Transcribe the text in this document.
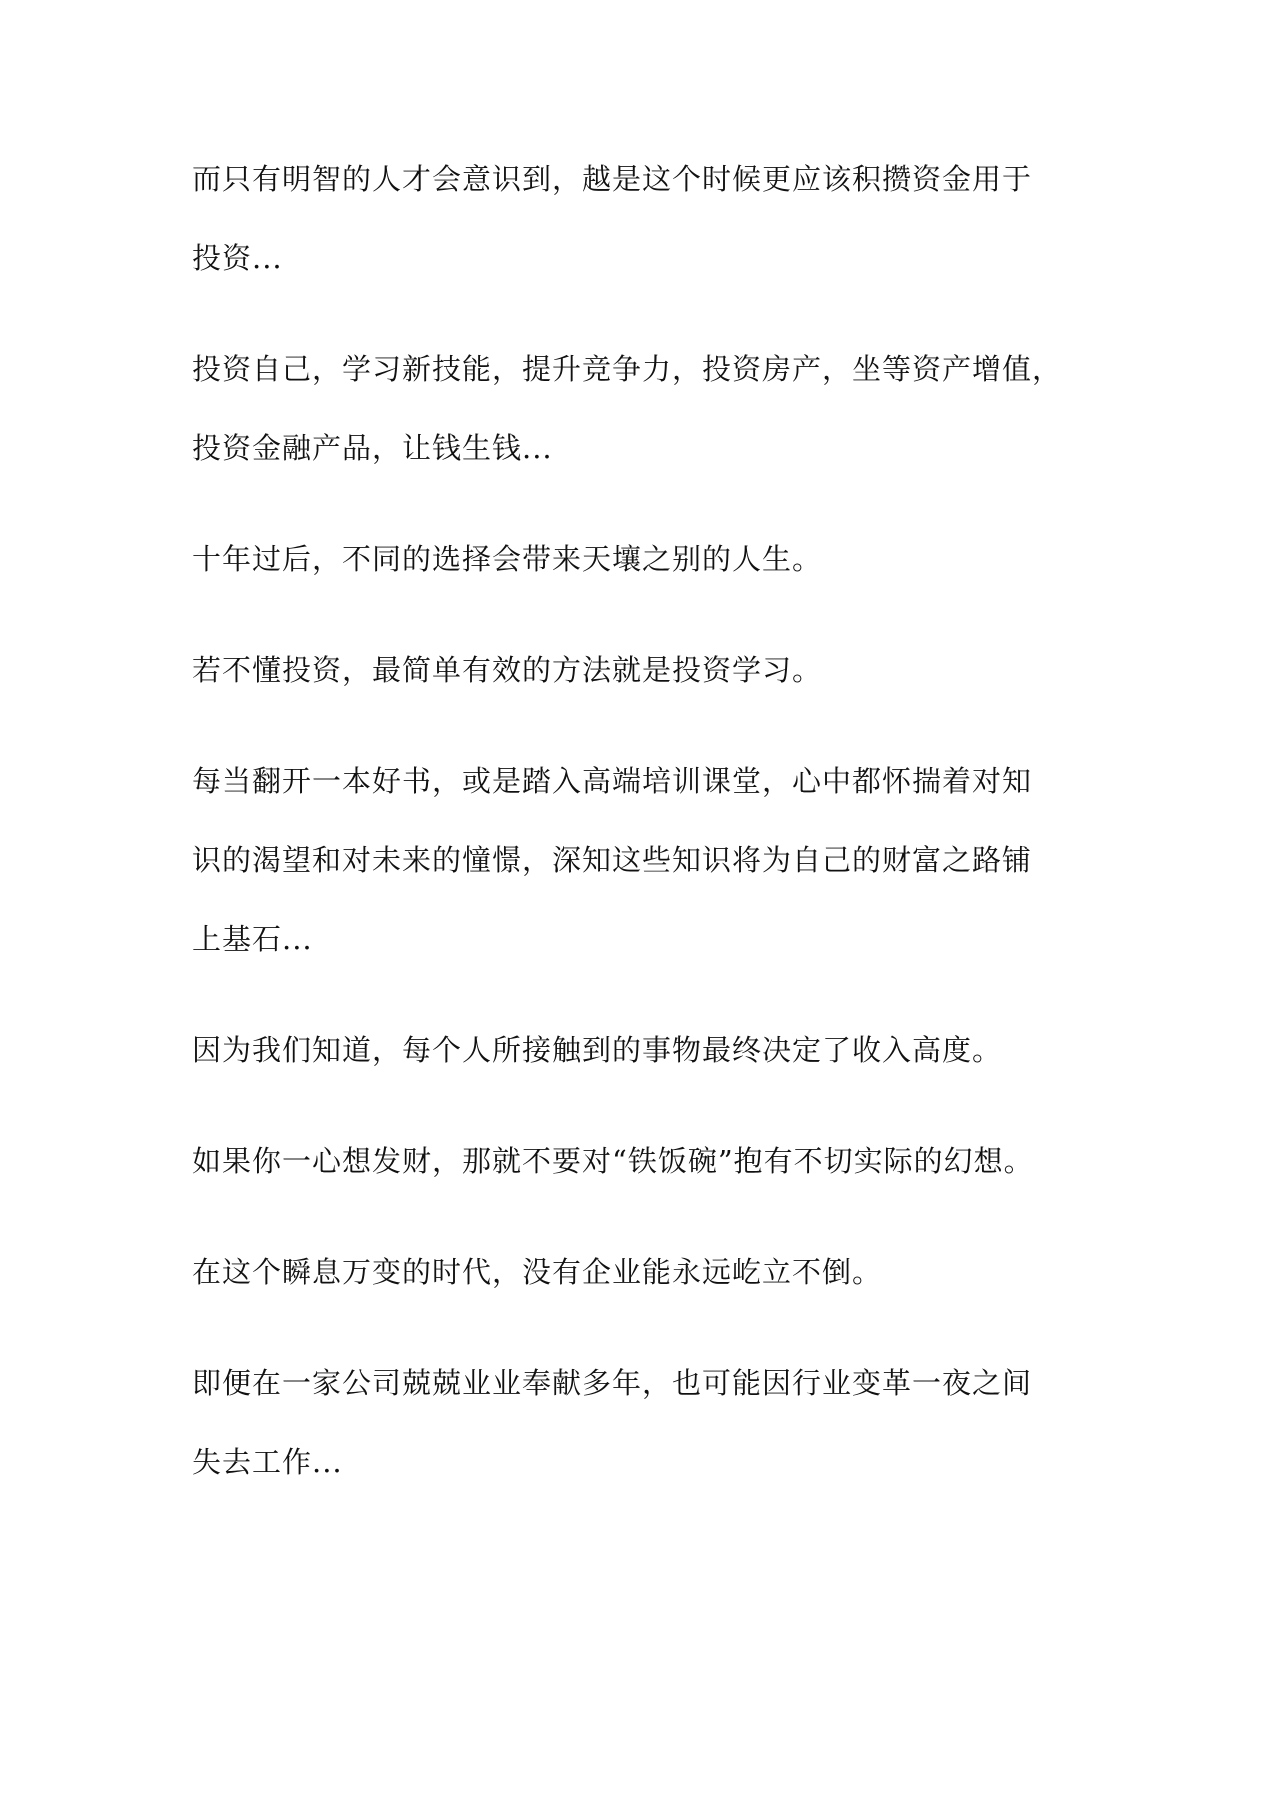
而只有明智的人才会意识到，越是这个时候更应该积攒资金用于
投资...

投资自己，学习新技能，提升竞争力，投资房产，坐等资产增值，
投资金融产品，让钱生钱...

十年过后，不同的选择会带来天壤之别的人生。

若不懂投资，最简单有效的方法就是投资学习。

每当翻开一本好书，或是踏入高端培训课堂，心中都怀揣着对知
识的渴望和对未来的憧憬，深知这些知识将为自己的财富之路铺
上基石...

因为我们知道，每个人所接触到的事物最终决定了收入高度。

如果你一心想发财，那就不要对“铁饭碗”抱有不切实际的幻想。

在这个瞬息万变的时代，没有企业能永远屹立不倒。

即便在一家公司兢兢业业奉献多年，也可能因行业变革一夜之间
失去工作...
